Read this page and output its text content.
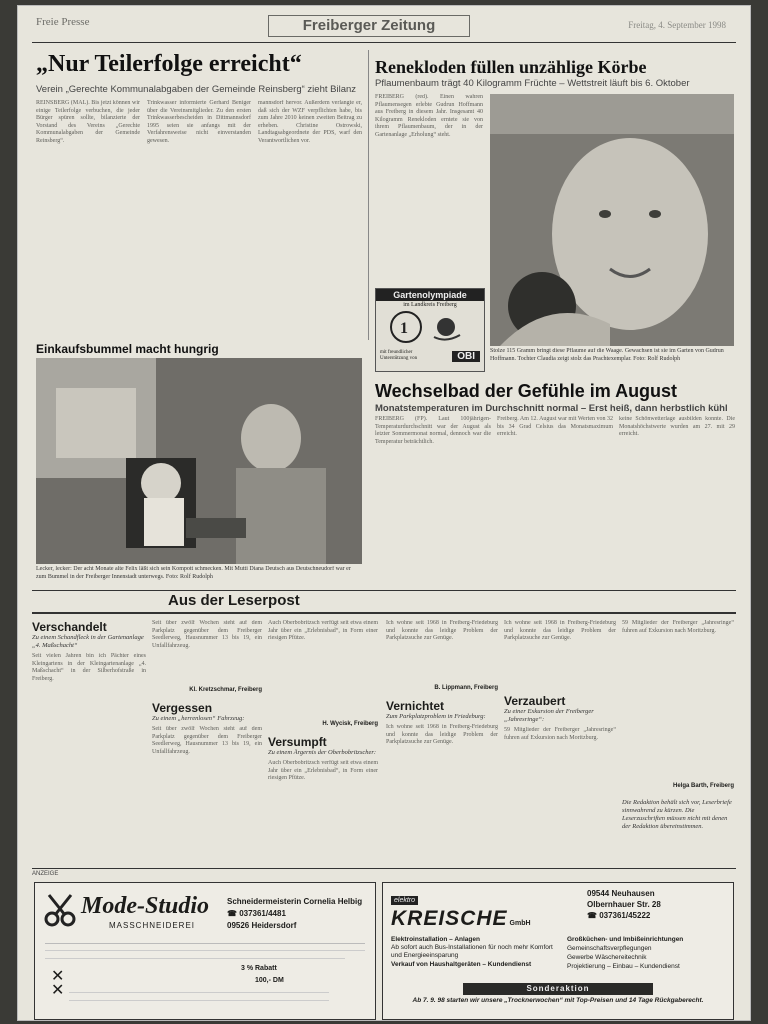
Freie Presse	Freiberger Zeitung	Freitag, 4. September 1998
„Nur Teilerfolge erreicht“
Verein „Gerechte Kommunalabgaben der Gemeinde Reinsberg“ zieht Bilanz
REINSBERG (MAL). Bis jetzt können wir einige Teilerfolge verbuchen, die jeder Bürger spüren sollte, bilanzierte der Vorstand des Vereins „Gerechte Kommunalabgaben der Gemeinde Reinsberg“.
Trinkwasser informierte Gerhard Beniger über die Vereinsmitglieder. Zu den ersten Trinkwasserbescheiden in Dittmannsdorf 1995 seien sie anfangs mit der Verfahrensweise nicht einverstanden gewesen.
mannsdorf hervor. Außerdem verlangte er, daß sich der WZF verpflichten habe, bis zum Jahre 2010 keinen zweiten Beitrag zu erheben. Christine Ostrowski, Landtagsabgeordnete der PDS, warf den Verantwortlichen vor.
Renekloden füllen unzählige Körbe
Pflaumenbaum trägt 40 Kilogramm Früchte – Wettstreit läuft bis 6. Oktober
FREIBERG (red). Einen wahren Pflaumensegen erlebte Gudrun Hoffmann aus Freiberg in diesem Jahr. Insgesamt 40 Kilogramm Renekloden erntete sie von ihrem Pflaumenbaum, der in der Gartenanlage „Erholung“ steht.
Gartenolympiade
im Landkreis Freiberg
1
mit freundlicher Unterstützung von	OBI	Stolze 115 Gramm bringt diese Pflaume auf die Waage. Gewachsen ist sie im Garten von Gudrun Hoffmann. Tochter Claudia zeigt stolz das Prachtexemplar. Foto: Rolf Rudolph
Einkaufsbummel macht hungrig
Lecker, lecker: Der acht Monate alte Felix läßt sich sein Kompott schmecken. Mit Mutti Diana Deutsch aus Deutschneudorf war er zum Bummel in der Freiberger Innenstadt unterwegs. Foto: Rolf Rudolph
Wechselbad der Gefühle im August
Monatstemperaturen im Durchschnitt normal – Erst heiß, dann herbstlich kühl
FREIBERG (FP). Laut 100jährigen-Temperaturdurchschnitt war der August als letzter Sommermonat normal, dennoch war die Temperatur beträchtlich.
Freiberg. Am 12. August war mit Werten von 32 bis 34 Grad Celsius das Monatsmaximum erreicht.
keine Schönwetterlage ausbilden konnte. Die Monatshöchstwerte wurden am 27. mit 29 erreicht.
Aus der Leserpost
Verschandelt
Zu einem Schandfleck in der Gartenanlage „4. Maßschacht“
Seit vielen Jahren bin ich Pächter eines Kleingartens in der Kleingartenanlage „4. Maßschacht“ in der Silberhofstraße in Freiberg.
Seit über zwölf Wochen steht auf dem Parkplatz gegenüber dem Freiberger Seedlerweg, Hausnummer 13 bis 19, ein Unfallfahrzeug.
Kl. Kretzschmar, Freiberg
Vergessen
Zu einem „herrenlosen“ Fahrzeug:
Seit über zwölf Wochen steht auf dem Parkplatz gegenüber dem Freiberger Seedlerweg, Hausnummer 13 bis 19, ein Unfallfahrzeug.
Auch Oberbobritzsch verfügt seit etwa einem Jahr über ein „Erlebnisbad“, in Form einer riesigen Pfütze.
H. Wycisk, Freiberg
Versumpft
Zu einem Ärgernis der Oberbobritzscher:
Auch Oberbobritzsch verfügt seit etwa einem Jahr über ein „Erlebnisbad“, in Form einer riesigen Pfütze.
Ich wohne seit 1968 in Freiberg-Friedeburg und konnte das leidige Problem der Parkplatzsuche zur Genüge.
B. Lippmann, Freiberg
Vernichtet
Zum Parkplatzproblem in Friedeburg:
Ich wohne seit 1968 in Freiberg-Friedeburg und konnte das leidige Problem der Parkplatzsuche zur Genüge.
Ich wohne seit 1968 in Freiberg-Friedeburg und konnte das leidige Problem der Parkplatzsuche zur Genüge.
Verzaubert
Zu einer Exkursion der Freiberger „Jahresringe“:
59 Mitglieder der Freiberger „Jahresringe“ fuhren auf Exkursion nach Moritzburg.
59 Mitglieder der Freiberger „Jahresringe“ fuhren auf Exkursion nach Moritzburg.
Helga Barth, Freiberg
Die Redaktion behält sich vor, Leserbriefe sinnwahrend zu kürzen. Die Leserzuschriften müssen nicht mit denen der Redaktion übereinstimmen.
ANZEIGE
Mode-Studio
MASSCHNEIDEREI
Schneidermeisterin Cornelia Helbig
☎ 037361/4481
09526 Heidersdorf
3 % Rabatt
100,- DM
✕
✕
elektro
KREISCHE GmbH
09544 Neuhausen
Olbernhauer Str. 28
☎ 037361/45222
Elektroinstallation – Anlagen
Ab sofort auch Bus-Installationen für noch mehr Komfort und Energieeinsparung
Verkauf von Haushaltgeräten – Kundendienst
Großküchen- und Imbißeinrichtungen
Gemeinschaftsverpflegungen
Gewerbe Wäschereitechnik
Projektierung – Einbau – Kundendienst
Sonderaktion
Ab 7. 9. 98 starten wir unsere „Trocknerwochen“ mit Top-Preisen und 14 Tage Rückgaberecht.
